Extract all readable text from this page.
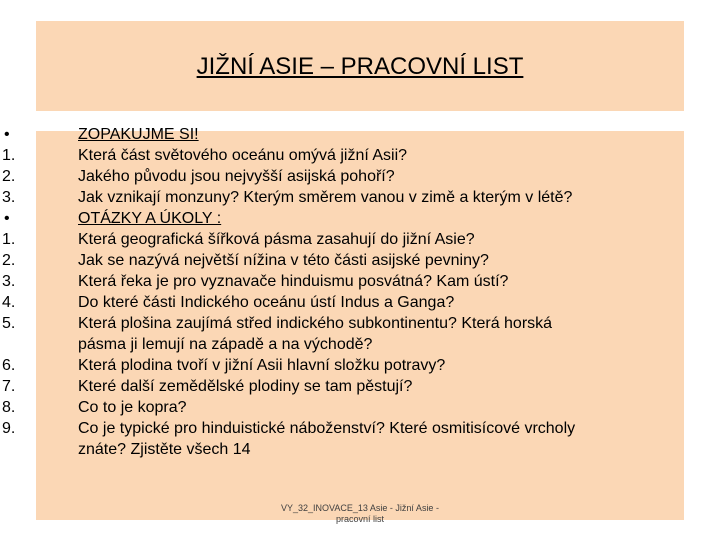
JIŽNÍ ASIE – PRACOVNÍ LIST
•	ZOPAKUJME SI!
1.	Která část světového oceánu omývá jižní Asii?
2.	Jakého původu jsou nejvyšší asijská pohoří?
3.	Jak vznikají monzuny? Kterým směrem vanou v zimě a kterým v létě?
•	OTÁZKY A ÚKOLY :
1.	Která geografická šířková pásma zasahují do jižní Asie?
2.	Jak se nazývá největší nížina v této části asijské pevniny?
3.	Která řeka je pro vyznavače hinduismu posvátná? Kam ústí?
4.	Do které části Indického oceánu ústí Indus a Ganga?
5.	Která plošina zaujímá střed indického subkontinentu? Která horská
pásma ji lemují na západě a na východě?
6.	Která plodina tvoří v jižní Asii hlavní složku potravy?
7.	Které další zemědělské plodiny se tam pěstují?
8.	Co to je kopra?
9.	Co je typické pro hinduistické náboženství? Které osmitisícové vrcholy
znáte? Zjistěte všech 14
VY_32_INOVACE_13 Asie - Jižní Asie -
pracovní list
